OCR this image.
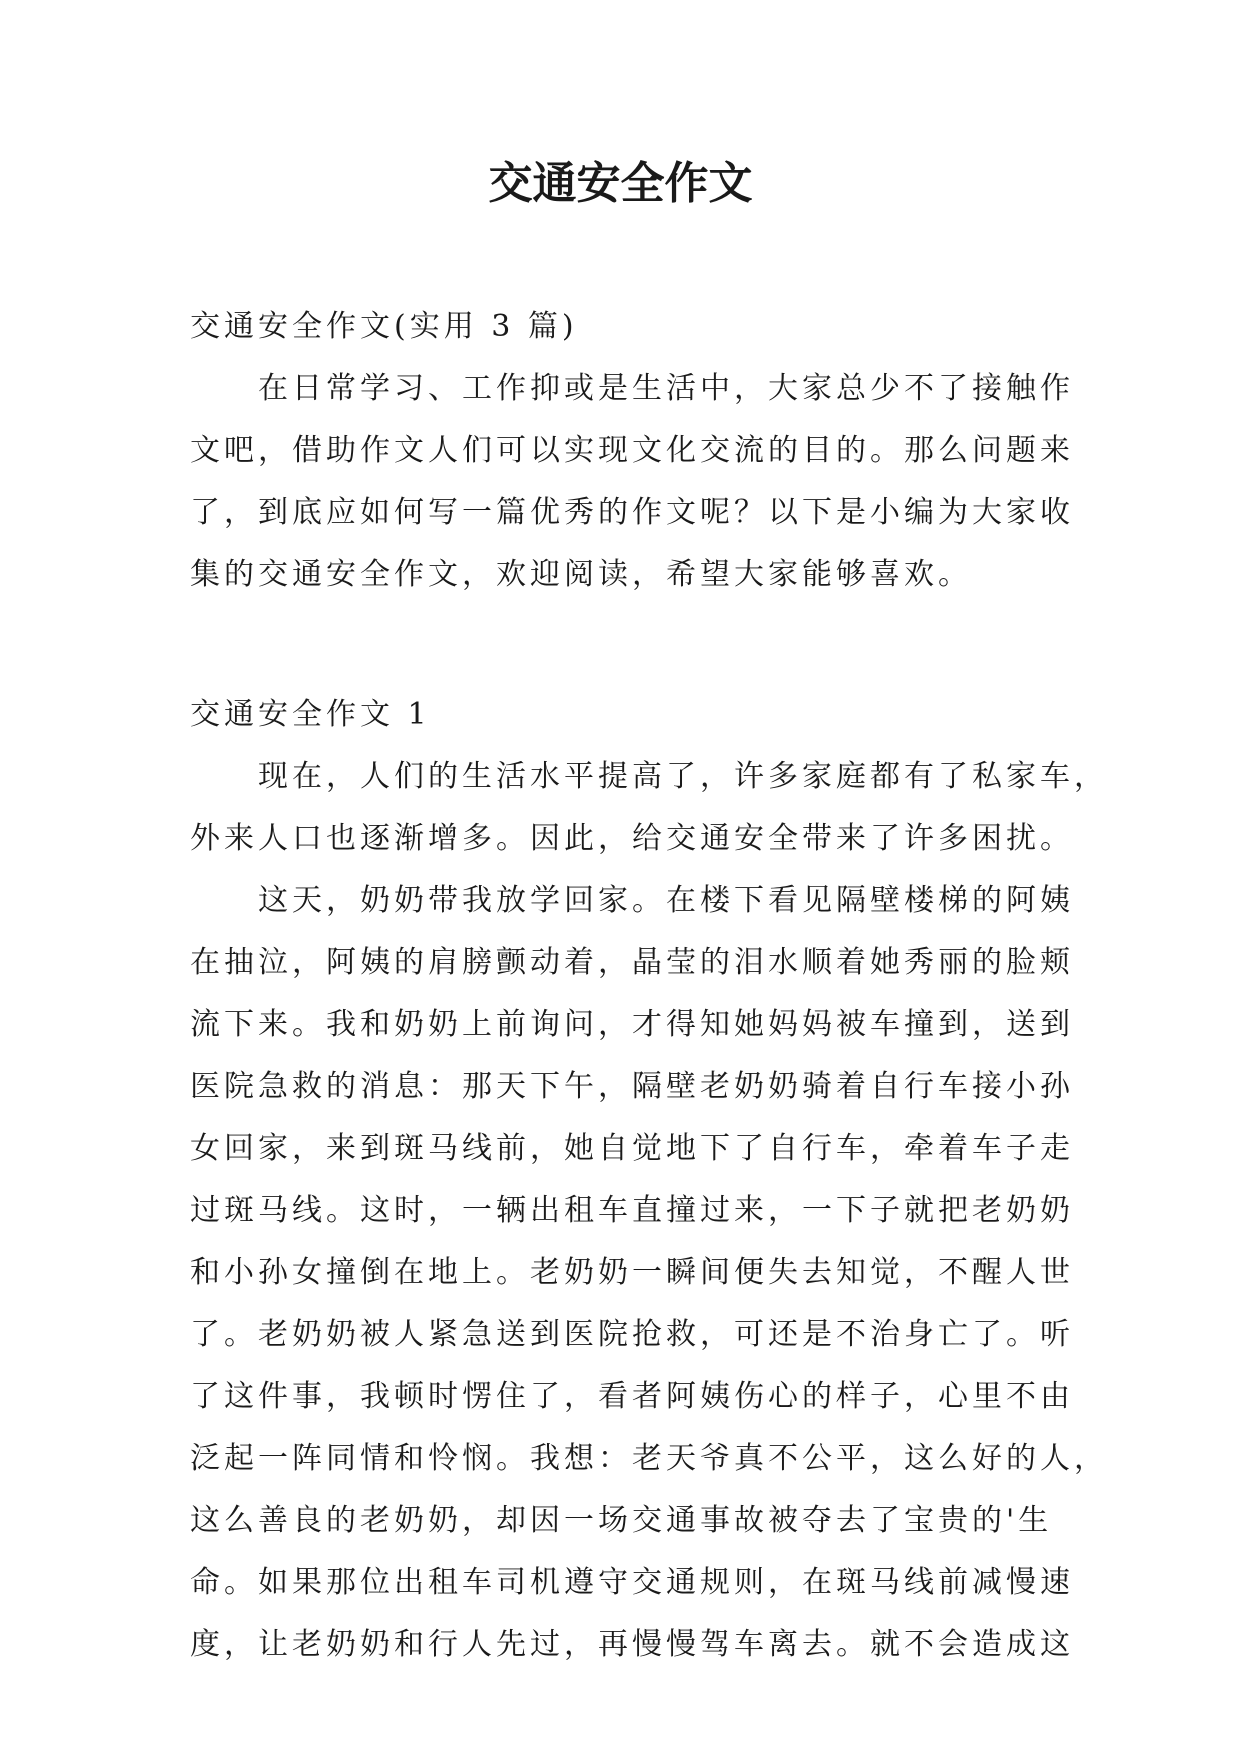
交通安全作文

交通安全作文(实用 3 篇)

在日常学习、工作抑或是生活中，大家总少不了接触作

文吧，借助作文人们可以实现文化交流的目的。那么问题来

了，到底应如何写一篇优秀的作文呢？以下是小编为大家收

集的交通安全作文，欢迎阅读，希望大家能够喜欢。

交通安全作文 1

现在，人们的生活水平提高了，许多家庭都有了私家车，

外来人口也逐渐增多。因此，给交通安全带来了许多困扰。

这天，奶奶带我放学回家。在楼下看见隔壁楼梯的阿姨

在抽泣，阿姨的肩膀颤动着，晶莹的泪水顺着她秀丽的脸颊

流下来。我和奶奶上前询问，才得知她妈妈被车撞到，送到

医院急救的消息：那天下午，隔壁老奶奶骑着自行车接小孙

女回家，来到斑马线前，她自觉地下了自行车，牵着车子走

过斑马线。这时，一辆出租车直撞过来，一下子就把老奶奶

和小孙女撞倒在地上。老奶奶一瞬间便失去知觉，不醒人世

了。老奶奶被人紧急送到医院抢救，可还是不治身亡了。听

了这件事，我顿时愣住了，看者阿姨伤心的样子，心里不由

泛起一阵同情和怜悯。我想：老天爷真不公平，这么好的人，

这么善良的老奶奶，却因一场交通事故被夺去了宝贵的'生

命。如果那位出租车司机遵守交通规则，在斑马线前减慢速

度，让老奶奶和行人先过，再慢慢驾车离去。就不会造成这
